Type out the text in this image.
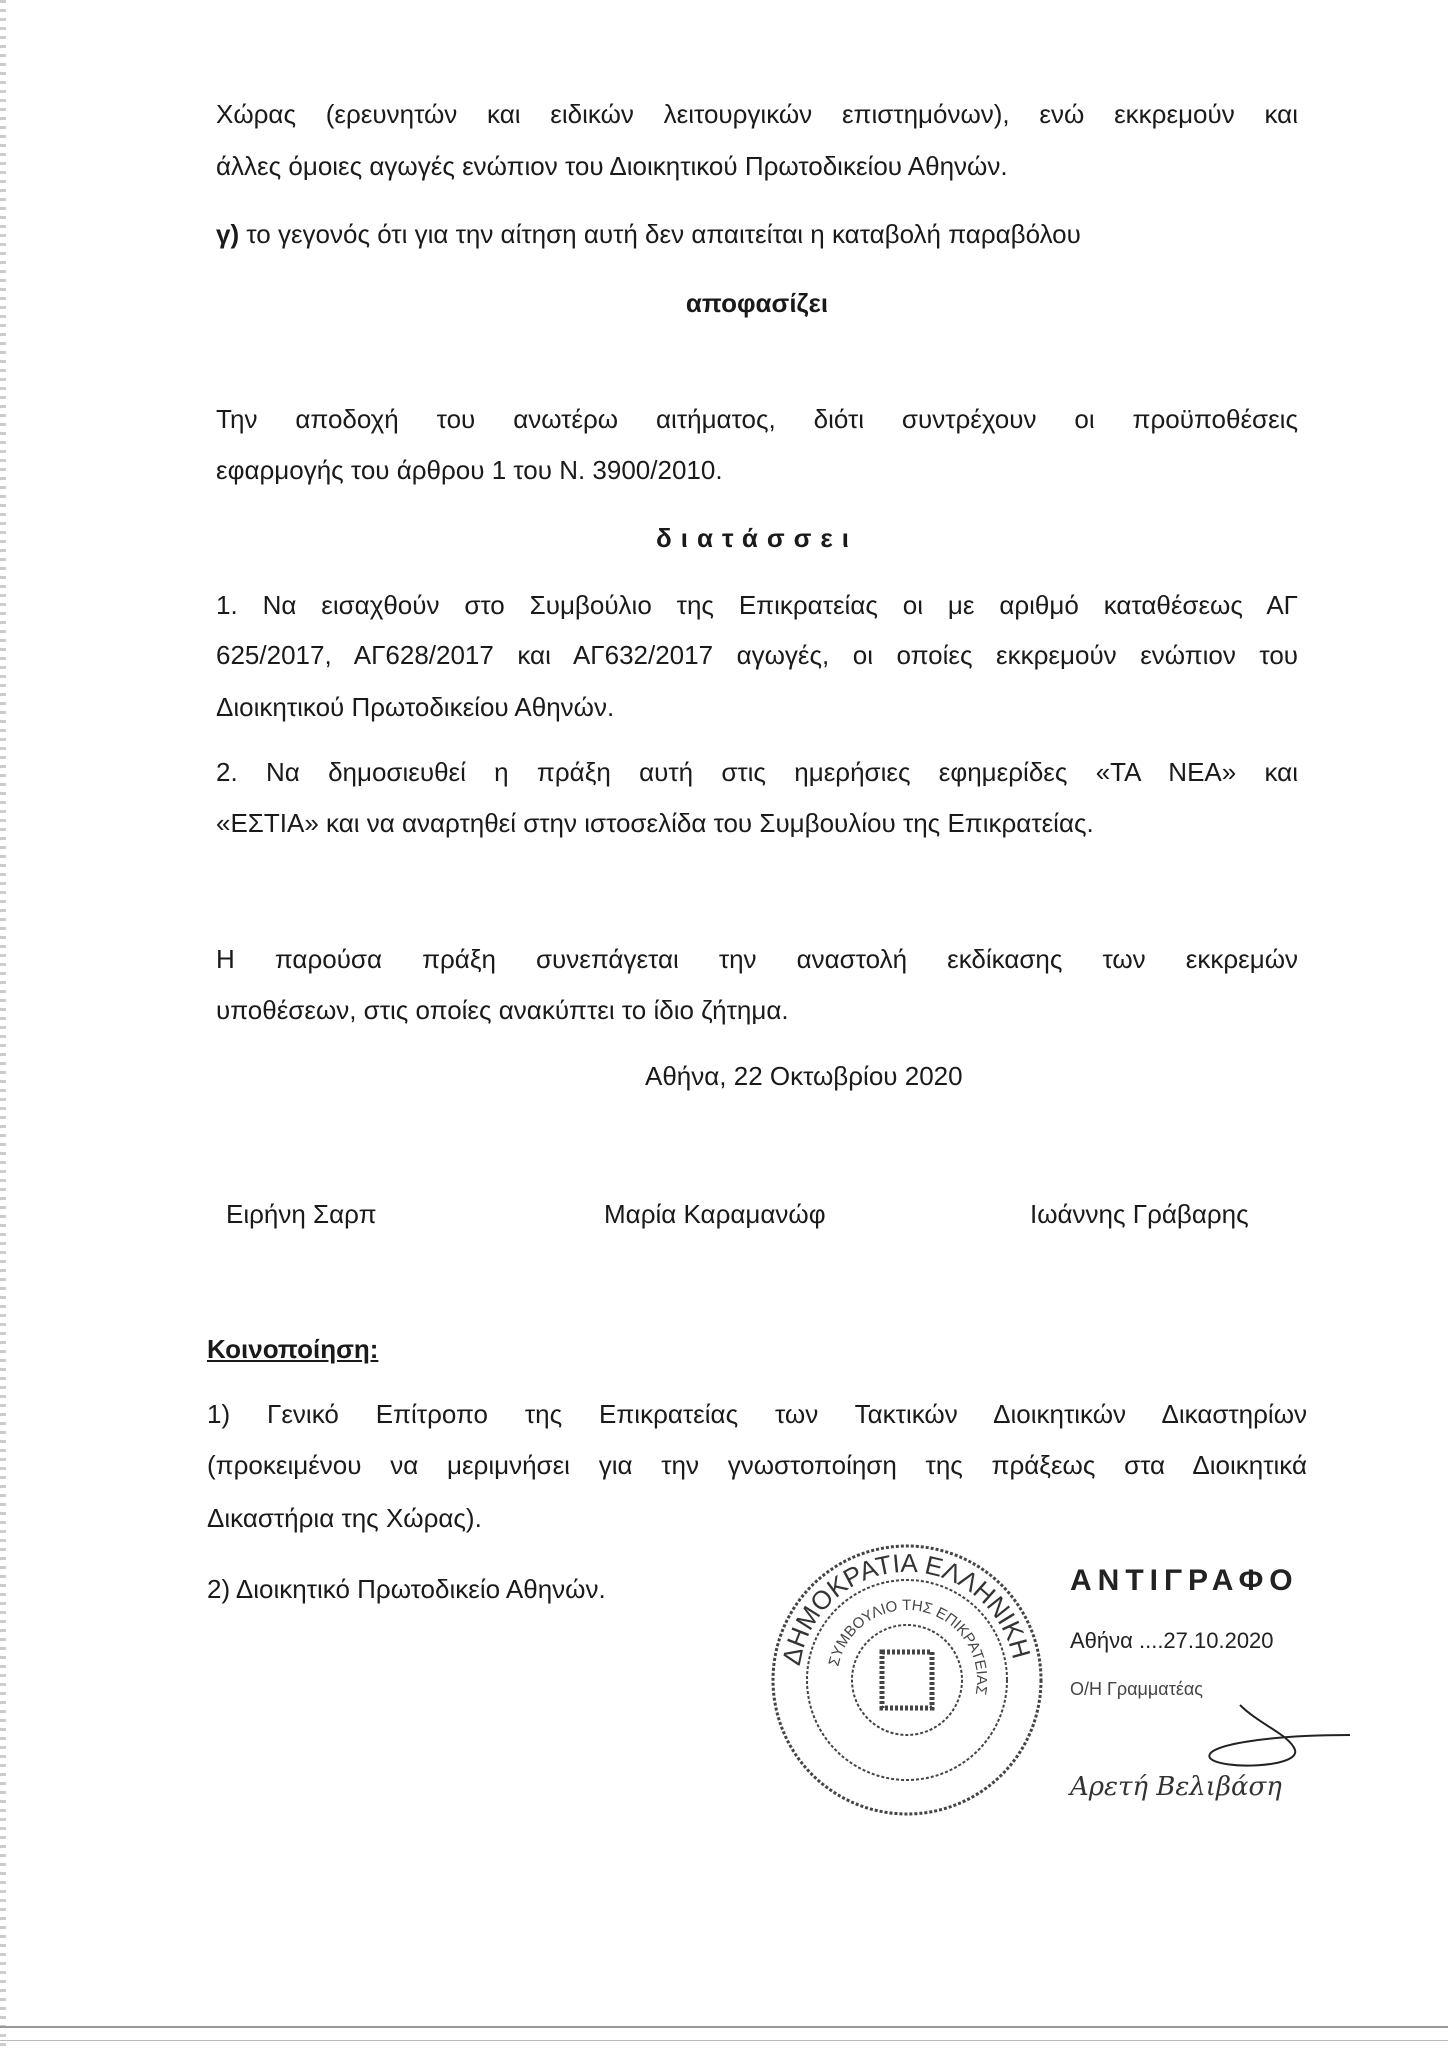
Χώρας (ερευνητών και ειδικών λειτουργικών επιστημόνων), ενώ εκκρεμούν και
άλλες όμοιες αγωγές ενώπιον του Διοικητικού Πρωτοδικείου Αθηνών.
γ) το γεγονός ότι για την αίτηση αυτή δεν απαιτείται η καταβολή παραβόλου
αποφασίζει
Την αποδοχή του ανωτέρω αιτήματος, διότι συντρέχουν οι προϋποθέσεις
εφαρμογής του άρθρου 1 του Ν. 3900/2010.
διατάσσει
1. Να εισαχθούν στο Συμβούλιο της Επικρατείας οι με αριθμό καταθέσεως ΑΓ
625/2017, ΑΓ628/2017 και ΑΓ632/2017 αγωγές, οι οποίες εκκρεμούν ενώπιον του
Διοικητικού Πρωτοδικείου Αθηνών.
2. Να δημοσιευθεί η πράξη αυτή στις ημερήσιες εφημερίδες «ΤΑ ΝΕΑ» και
«ΕΣΤΙΑ» και να αναρτηθεί στην ιστοσελίδα του Συμβουλίου της Επικρατείας.
Η παρούσα πράξη συνεπάγεται την αναστολή εκδίκασης των εκκρεμών
υποθέσεων, στις οποίες ανακύπτει το ίδιο ζήτημα.
Αθήνα, 22 Οκτωβρίου 2020
Ειρήνη Σαρπ	Μαρία Καραμανώφ	Ιωάννης Γράβαρης
Κοινοποίηση:
1) Γενικό Επίτροπο της Επικρατείας των Τακτικών Διοικητικών Δικαστηρίων
(προκειμένου να μεριμνήσει για την γνωστοποίηση της πράξεως στα Διοικητικά
Δικαστήρια της Χώρας).
2) Διοικητικό Πρωτοδικείο Αθηνών.
ΔΗΜΟΚΡΑΤΙΑ ΕΛΛΗΝΙΚΗ
ΣΥΜΒΟΥΛΙΟ ΤΗΣ ΕΠΙΚΡΑΤΕΙΑΣ
ΑΝΤΙΓΡΑΦΟ
Αθήνα ....27.10.2020
Ο/Η Γραμματέας
Αρετή Βελιβάση
